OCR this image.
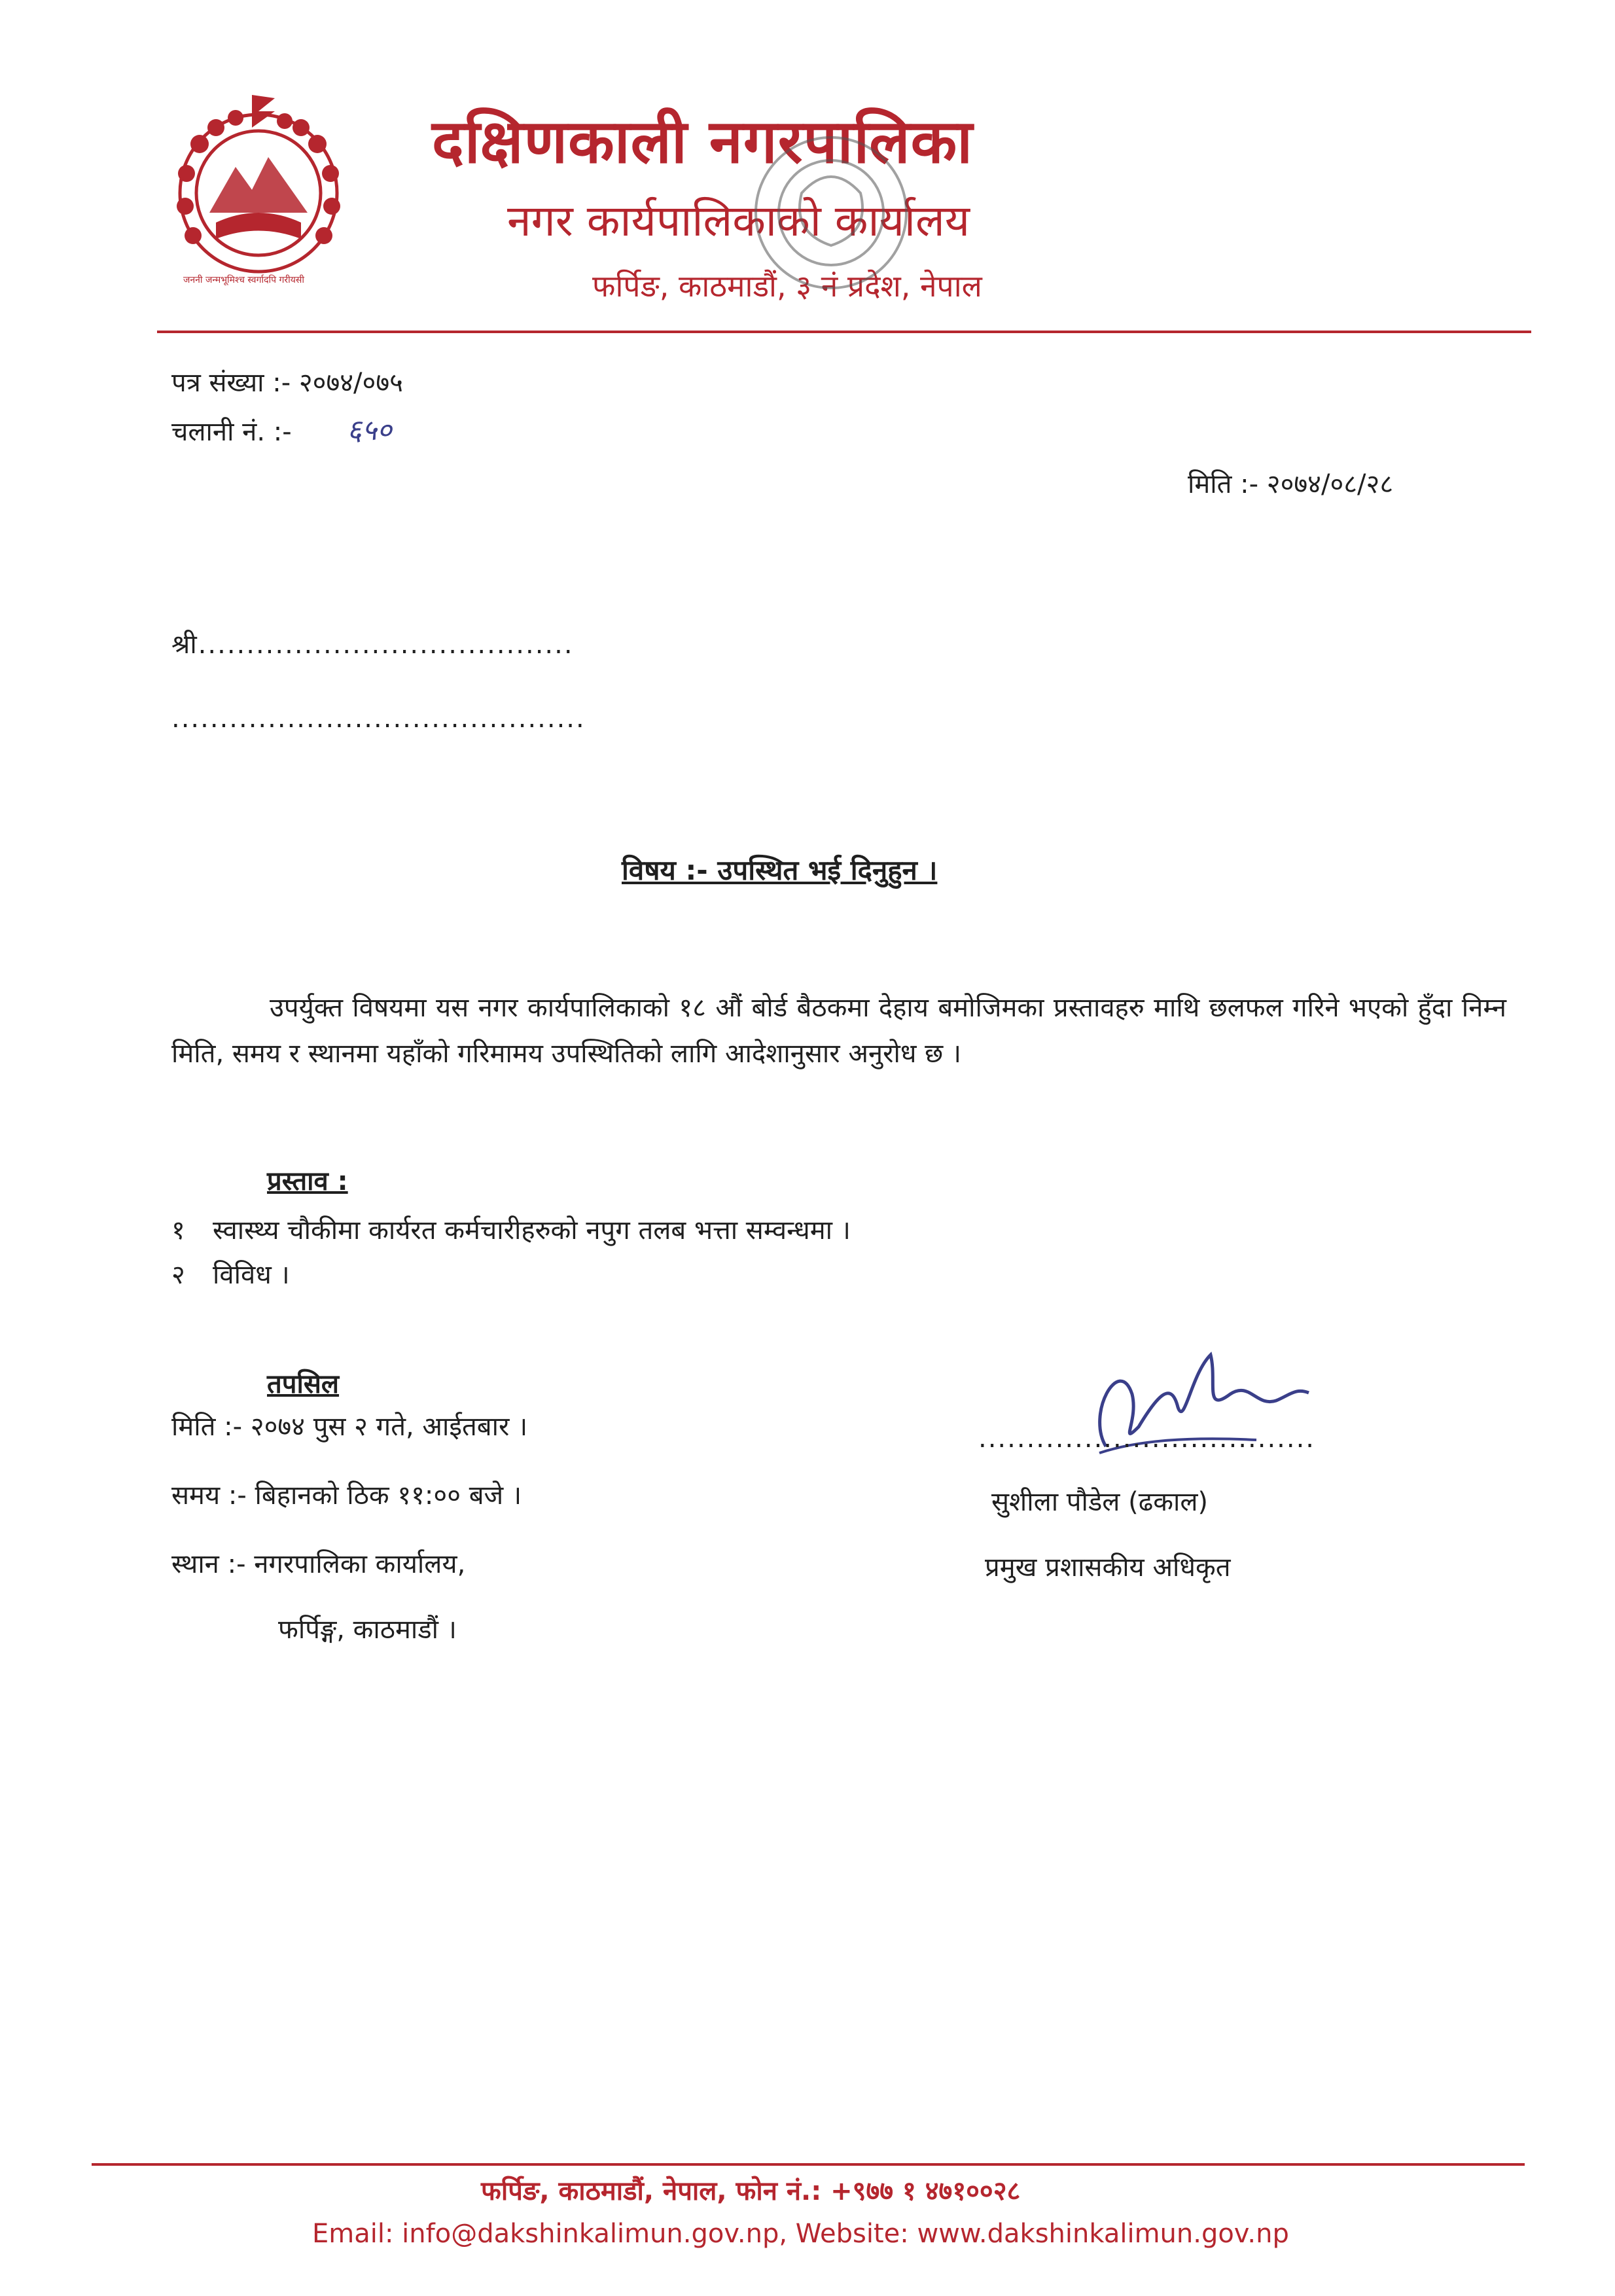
जननी जन्मभूमिश्च स्वर्गादपि गरीयसी
दक्षिणकाली नगरपालिका
नगर कार्यपालिकाको कार्यालय
फर्पिङ, काठमाडौं, ३ नं प्रदेश, नेपाल
पत्र संख्या :- २०७४/०७५
चलानी नं. :- ६५०
मिति :- २०७४/०८/२८
श्री.......................................
...........................................
विषय :- उपस्थित भई दिनुहुन ।
उपर्युक्त विषयमा यस नगर कार्यपालिकाको १८ औं बोर्ड बैठकमा देहाय बमोजिमका प्रस्तावहरु माथि छलफल गरिने भएको हुँदा निम्न मिति, समय र स्थानमा यहाँको गरिमामय उपस्थितिको लागि आदेशानुसार अनुरोध छ ।
प्रस्ताव :
१ स्वास्थ्य चौकीमा कार्यरत कर्मचारीहरुको नपुग तलब भत्ता सम्वन्धमा ।
२ विविध ।
तपसिल
मिति :- २०७४ पुस २ गते, आईतबार ।
समय :- बिहानको ठिक ११:०० बजे ।
स्थान :- नगरपालिका कार्यालय,
फर्पिङ्ग, काठमाडौं ।
...................................
सुशीला पौडेल (ढकाल)
प्रमुख प्रशासकीय अधिकृत
फर्पिङ, काठमाडौं, नेपाल, फोन नं.: +९७७ १ ४७१००२८
Email: info@dakshinkalimun.gov.np, Website: www.dakshinkalimun.gov.np
